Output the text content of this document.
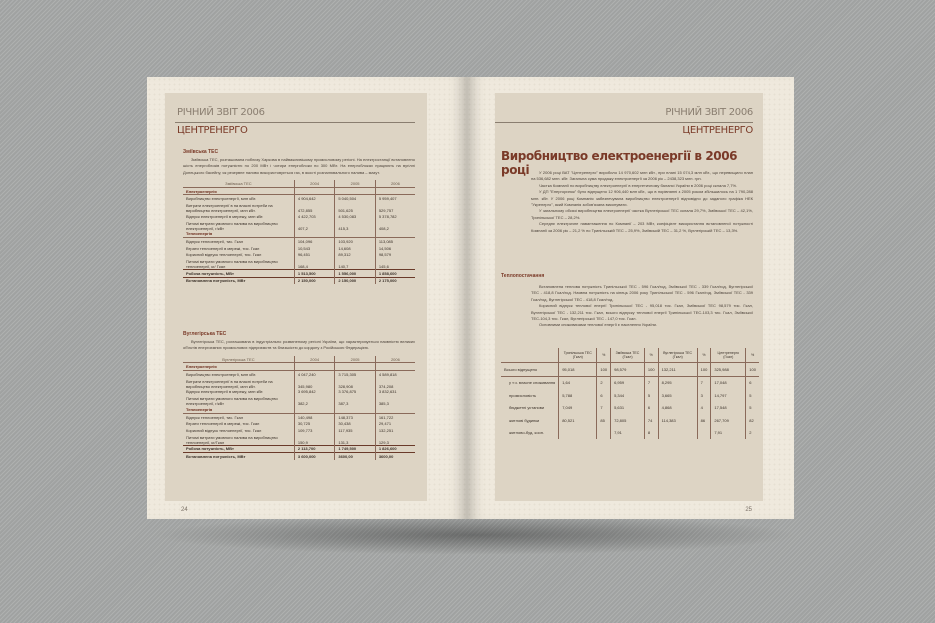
РІЧНИЙ ЗВІТ 2006
ЦЕНТРЕНЕРГО
Зміївська ТЕС
Зміївська ТЕС, розташована поблизу Харкова в найважливішому промисловому регіоні. На електростанції встановлено шість енергоблоків потужністю по 200 МВт і чотири енергоблоки по 300 МВт. На енергоблоках працюють на вугіллі Донецького басейну, як резервне паливо використовується газ, в якості розпалювального палива – мазут.
Зміївська ТЕС	2004	2005	2006
Електроенергія			
Виробництво електроенергії, млн кВт.	4 904,642	5 040,504	5 959,407
Витрати електроенергії в на власні потреби на виробництво електроенергії, млн кВт.	472,855	501,625	529,757
Відпуск електроенергії в мережу, млн кВт.	4 422,703	4 530,083	5 378,782
Питомі витрати умовного палива на виробництво електроенергії, г/кВт	407,2	415,3	408,2
Теплоенергія			
Відпуск теплоенергії, тис. Гкал	104,096	103,920	113,085
Втрати теплоенергії в мережі, тис. Гкал	10,543	14,608	14,506
Корисний відпуск теплоенергії, тис. Гкал	96,451	89,312	98,579
Питомі витрати умовного палива на виробництво теплоенергії, кг/ Гкал	168,4	140,7	145,6
Робоча потужність, МВт	1 513,500	1 556,000	1 858,600
Встановлена потужність, МВт	2 150,000	2 150,000	2 175,000
Вуглегірська ТЕС
Вуглегірська ТЕС, розташована в індустріально розвиненому регіоні України, що характеризується наявністю великих об'єктів енергоємних промислових підприємств та близькістю до кордону з Російською Федерацією.
Вуглегірська ТЕС	2004	2005	2006
Електроенергія			
Виробництво електроенергії, млн кВт.	4 047,240	3 715,305	4 589,818
Витрати електроенергії в на власні потреби на виробництво електроенергії, млн кВт.	345,980	328,908	374,208
Відпуск електроенергії в мережу, млн кВт.	3 695,842	3 376,875	3 832,631
Питомі витрати умовного палива на виробництво електроенергії, г/кВт	382,2	387,3	385,3
Теплоенергія			
Відпуск теплоенергії, тис. Гкал	140,498	148,373	161,722
Втрати теплоенергії в мережі, тис. Гкал	30,725	30,438	29,471
Корисний відпуск теплоенергії, тис. Гкал	109,773	117,935	132,251
Питомі витрати умовного палива на виробництво теплоенергії, кг/Гкал	150,9	131,3	129,3
Робоча потужність, МВт	2 113,700	1 749,500	1 826,600
Встановлена потужність, МВт	3 600,000	3600,00	3600,00
24
РІЧНИЙ ЗВІТ 2006
ЦЕНТРЕНЕРГО
Виробництво електроенергії в 2006 році	У 2006 році ВАТ "Центренерго" виробило 14 970,602 млн кВт., при плані 15 074,3 млн кВт., що перевищило план на 536,682 млн. кВт. Загальна сума продажу електроенергії за 2006 рік – 2438,323 млн. грн.
Частка Компанії по виробництву електроенергії в енергетичному балансі України в 2006 році склала 7,7%.
У ДП "Енергоринок" було відпущено 12 906,440 млн кВт., що в порівнянні з 2005 роком збільшилось на 1 790,288 млн. кВт. У 2006 році Компанія забезпечувала виробництво електроенергії відповідно до заданого графіка НЕК "Укренерго", який Компанія зобов'язана виконувати.
У загальному обсязі виробництва електроенергії частка Вуглегірської ТЕС склала 29,7%, Зміївської ТЕС – 42,1%, Трипільської ТЕС – 28,2%.
Середнє електричне навантаження по Компанії – 203 МВт, коефіцієнт використання встановленої потужності Компанії за 2006 рік – 21,2 % по Трипільській ТЕС – 25,9%, Зміївській ТЕС – 31,2 %, Вуглегірській ТЕС – 13,3%.
Теплопостачання
Встановлена теплова потужність Трипільської ТЕС - 596 Гкал/год, Зміївської ТЕС - 339 Гкал/год, Вуглегірської ТЕС - 418,8 Гкал/год. Наявна потужність на кінець 2006 року Трипільської ТЕС - 596 Гкал/год, Зміївської ТЕС - 339 Гкал/год, Вуглегірської ТЕС - 418,8 Гкал/год.
Корисний відпуск теплової енергії Трипільської ТЕС - 95,018 тис. Гкал, Зміївської ТЕС 98,579 тис. Гкал, Вуглегірської ТЕС - 132,211 тис. Гкал, всього відпуску теплової енергії Трипільської ТЕС-103,3 тис. Гкал, Зміївської ТЕС-104,3 тис. Гкал, Вуглегірської ТЕС - 147,0 тис. Гкал.
Основними споживачами теплової енергії є населення України.
	Трипільська ТЕС (Гкал)	%	Зміївська ТЕС (Гкал)	%	Вуглегірська ТЕС (Гкал)	%	Центренерго (Гкал)	%
Всього відпущено	95,018	100	98,579	100	132,211	100	325,988	100
у т.ч. власне споживання	1,64	2	6,959	7	8,295	7	17,048	6
промисловість	5,788	6	5,344	5	3,665	3	14,797	5
бюджетні установи	7,049	7	5,631	6	4,868	4	17,548	5
житлові будинки	80,521	85	72,805	74	114,383	86	267,709	82
житлово-буд. кооп.			7,91	8			7,91	2
25
